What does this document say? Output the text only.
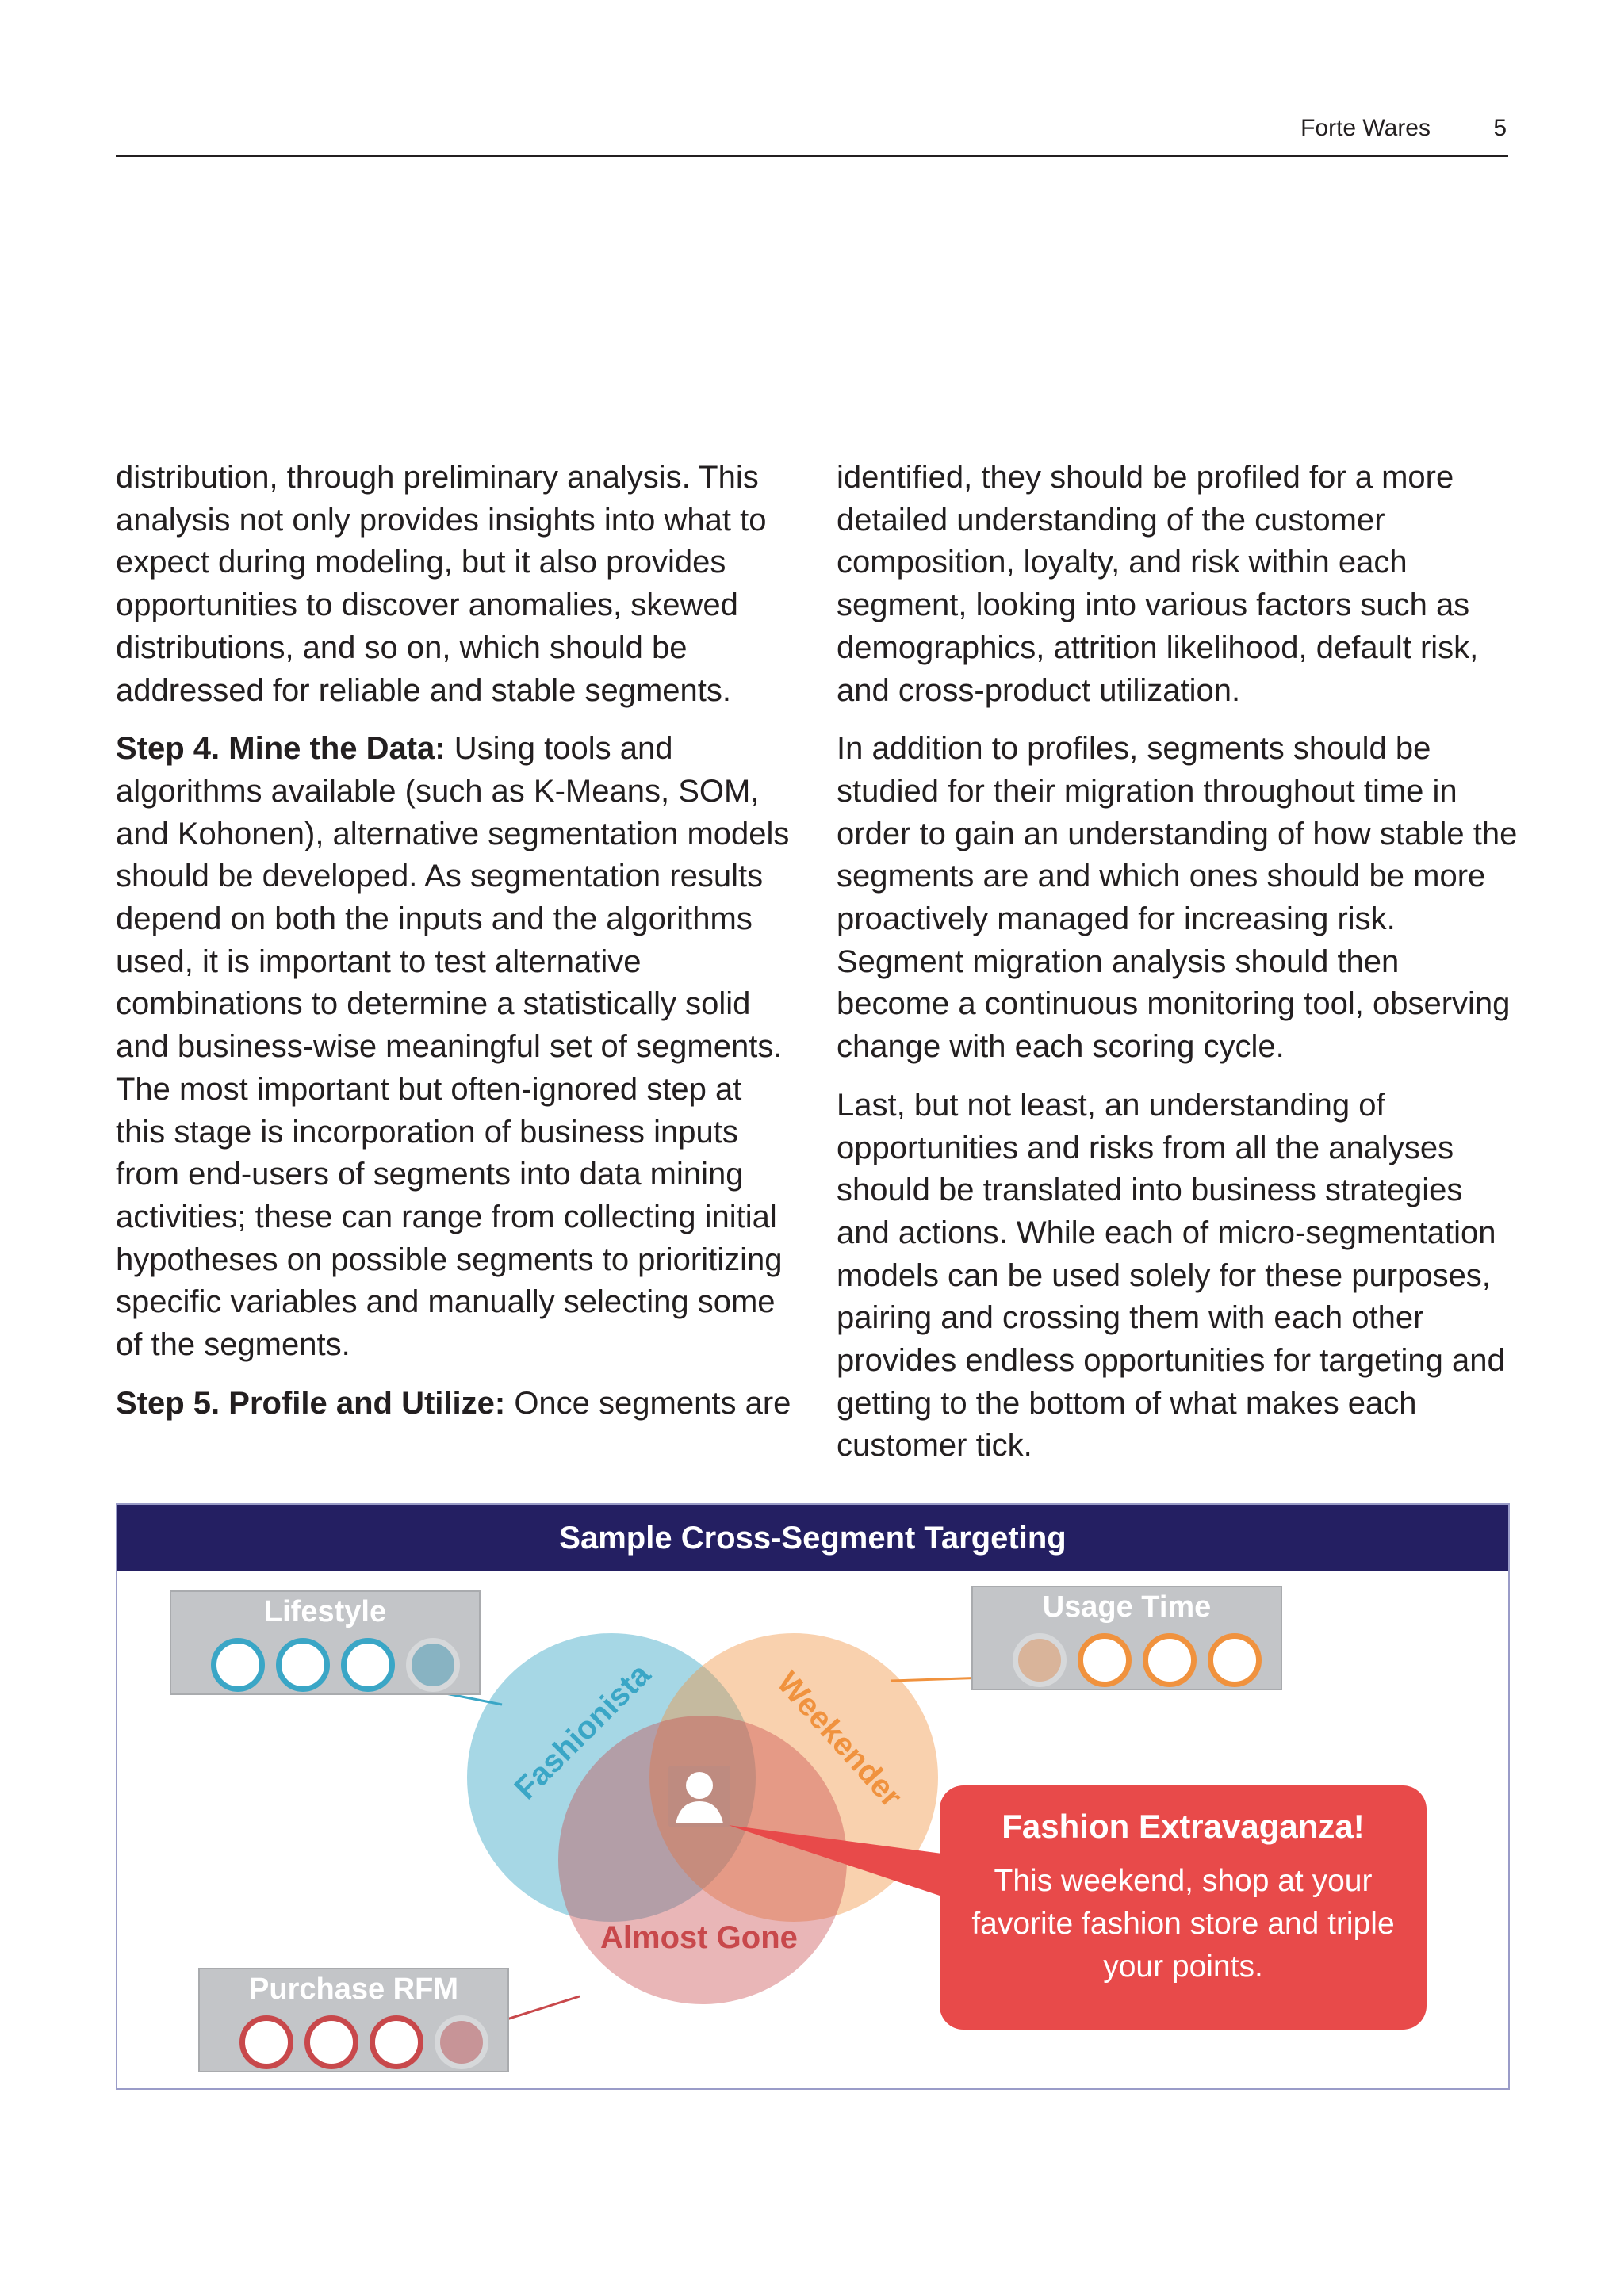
Forte Wares	5

distribution, through preliminary analysis. This analysis not only provides insights into what to expect during modeling, but it also provides opportunities to discover anomalies, skewed distributions, and so on, which should be addressed for reliable and stable segments.

Step 4. Mine the Data: Using tools and algorithms available (such as K-Means, SOM, and Kohonen), alternative segmentation models should be developed. As segmentation results depend on both the inputs and the algorithms used, it is important to test alternative combinations to determine a statistically solid and business-wise meaningful set of segments. The most important but often-ignored step at this stage is incorporation of business inputs from end-users of segments into data mining activities; these can range from collecting initial hypotheses on possible segments to prioritizing specific variables and manually selecting some of the segments.

Step 5. Profile and Utilize: Once segments are

identified, they should be profiled for a more detailed understanding of the customer composition, loyalty, and risk within each segment, looking into various factors such as demographics, attrition likelihood, default risk, and cross-product utilization.

In addition to profiles, segments should be studied for their migration throughout time in order to gain an understanding of how stable the segments are and which ones should be more proactively managed for increasing risk. Segment migration analysis should then become a continuous monitoring tool, observing change with each scoring cycle.

Last, but not least, an understanding of opportunities and risks from all the analyses should be translated into business strategies and actions. While each of micro-segmentation models can be used solely for these purposes, pairing and crossing them with each other provides endless opportunities for targeting and getting to the bottom of what makes each customer tick.

Sample Cross-Segment Targeting
Fashionista	Weekender
Almost Gone
Lifestyle	Usage Time
Purchase RFM
Fashion Extravaganza!
This weekend, shop at your favorite fashion store and triple your points.
